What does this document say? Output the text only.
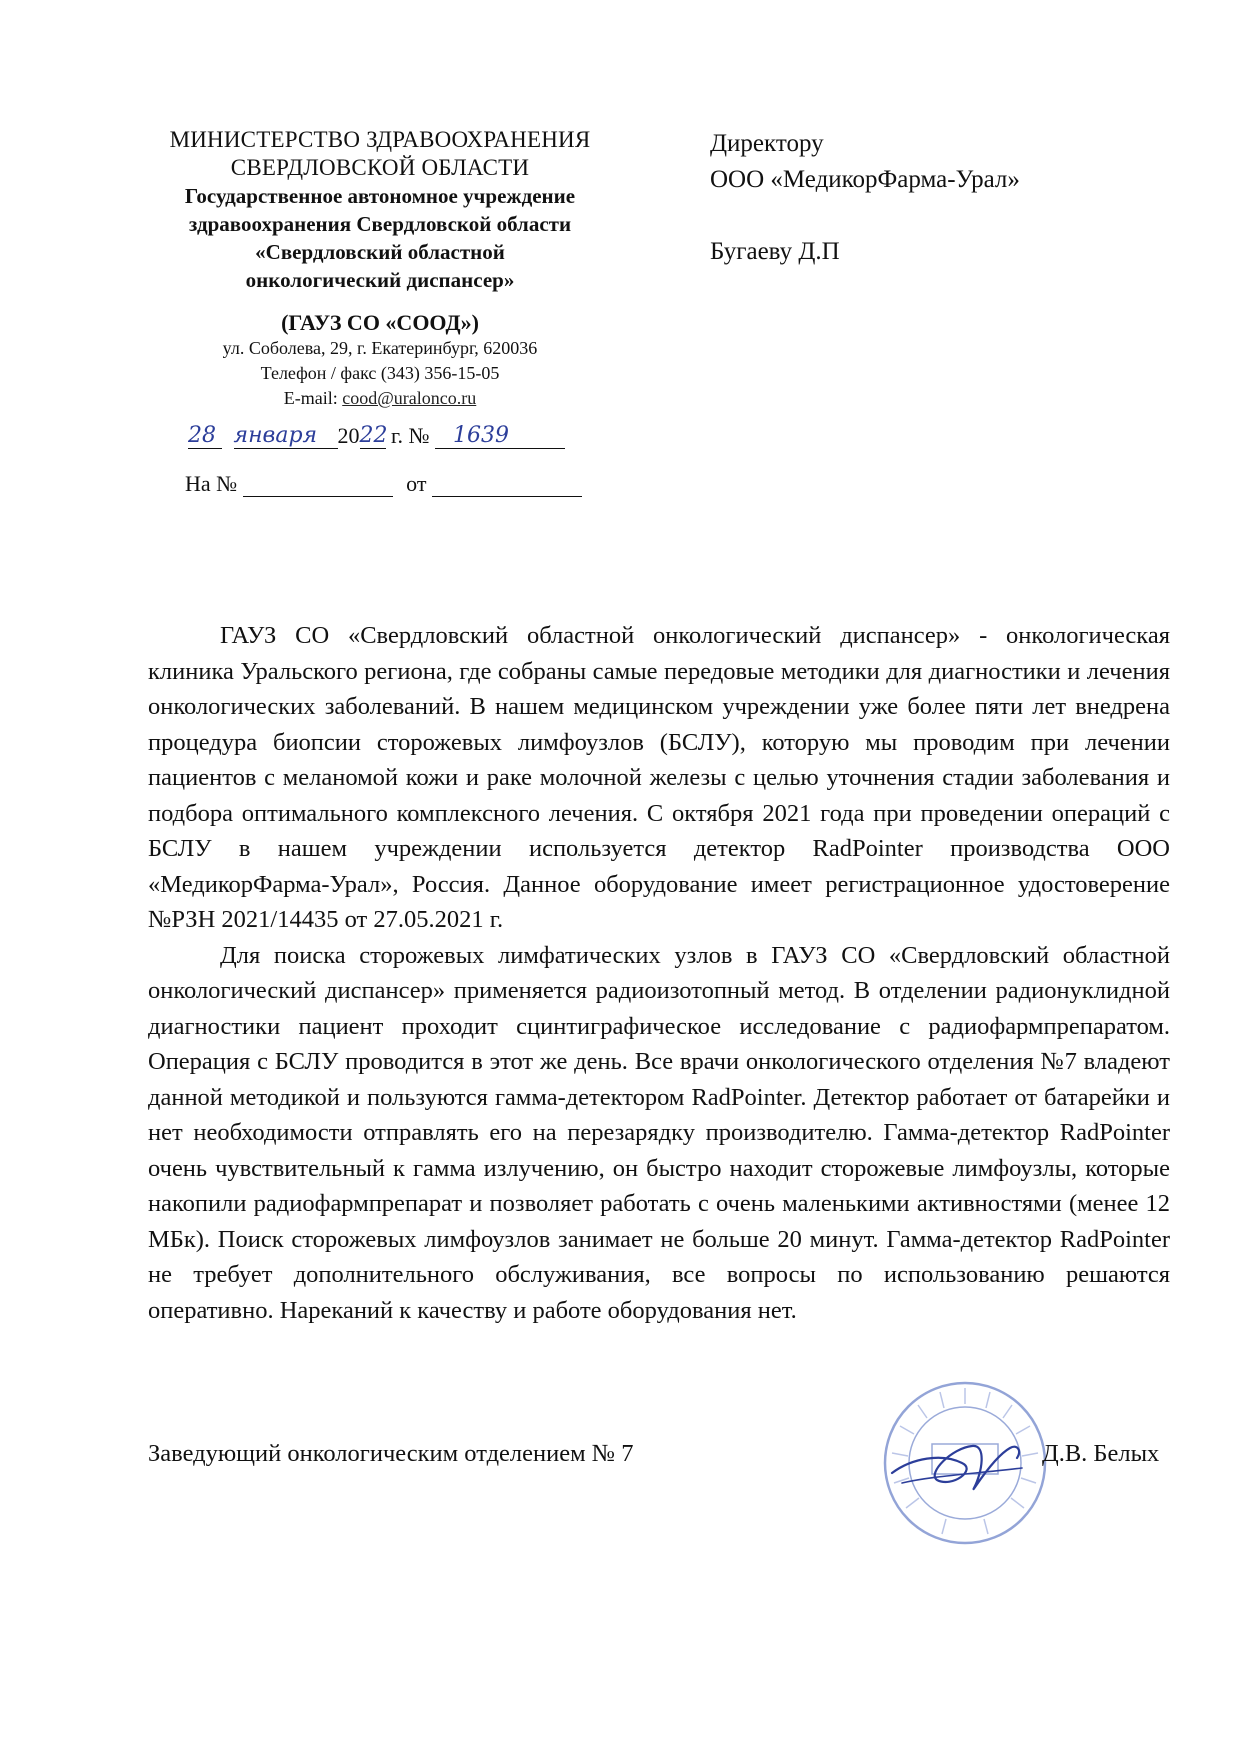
МИНИСТЕРСТВО ЗДРАВООХРАНЕНИЯ
СВЕРДЛОВСКОЙ ОБЛАСТИ
Государственное автономное учреждение
здравоохранения Свердловской области
«Свердловский областной
онкологический диспансер»
(ГАУЗ СО «СООД»)
ул. Соболева, 29, г. Екатеринбург, 620036
Телефон / факс (343) 356-15-05
E-mail: cood@uralonco.ru
28 января 2022 г. № 1639
На №	от
Директору
ООО «МедикорФарма-Урал»
Бугаеву Д.П

ГАУЗ СО «Свердловский областной онкологический диспансер» - онкологическая клиника Уральского региона, где собраны самые передовые методики для диагностики и лечения онкологических заболеваний. В нашем медицинском учреждении уже более пяти лет внедрена процедура биопсии сторожевых лимфоузлов (БСЛУ), которую мы проводим при лечении пациентов с меланомой кожи и раке молочной железы с целью уточнения стадии заболевания и подбора оптимального комплексного лечения. С октября 2021 года при проведении операций с БСЛУ в нашем учреждении используется детектор RadPointer производства ООО «МедикорФарма-Урал», Россия. Данное оборудование имеет регистрационное удостоверение №РЗН 2021/14435 от 27.05.2021 г.

Для поиска сторожевых лимфатических узлов в ГАУЗ СО «Свердловский областной онкологический диспансер» применяется радиоизотопный метод. В отделении радионуклидной диагностики пациент проходит сцинтиграфическое исследование с радиофармпрепаратом. Операция с БСЛУ проводится в этот же день. Все врачи онкологического отделения №7 владеют данной методикой и пользуются гамма-детектором RadPointer. Детектор работает от батарейки и нет необходимости отправлять его на перезарядку производителю. Гамма-детектор RadPointer очень чувствительный к гамма излучению, он быстро находит сторожевые лимфоузлы, которые накопили радиофармпрепарат и позволяет работать с очень маленькими активностями (менее 12 МБк). Поиск сторожевых лимфоузлов занимает не больше 20 минут. Гамма-детектор RadPointer не требует дополнительного обслуживания, все вопросы по использованию решаются оперативно. Нареканий к качеству и работе оборудования нет.

Заведующий онкологическим отделением № 7	Д.В. Белых
